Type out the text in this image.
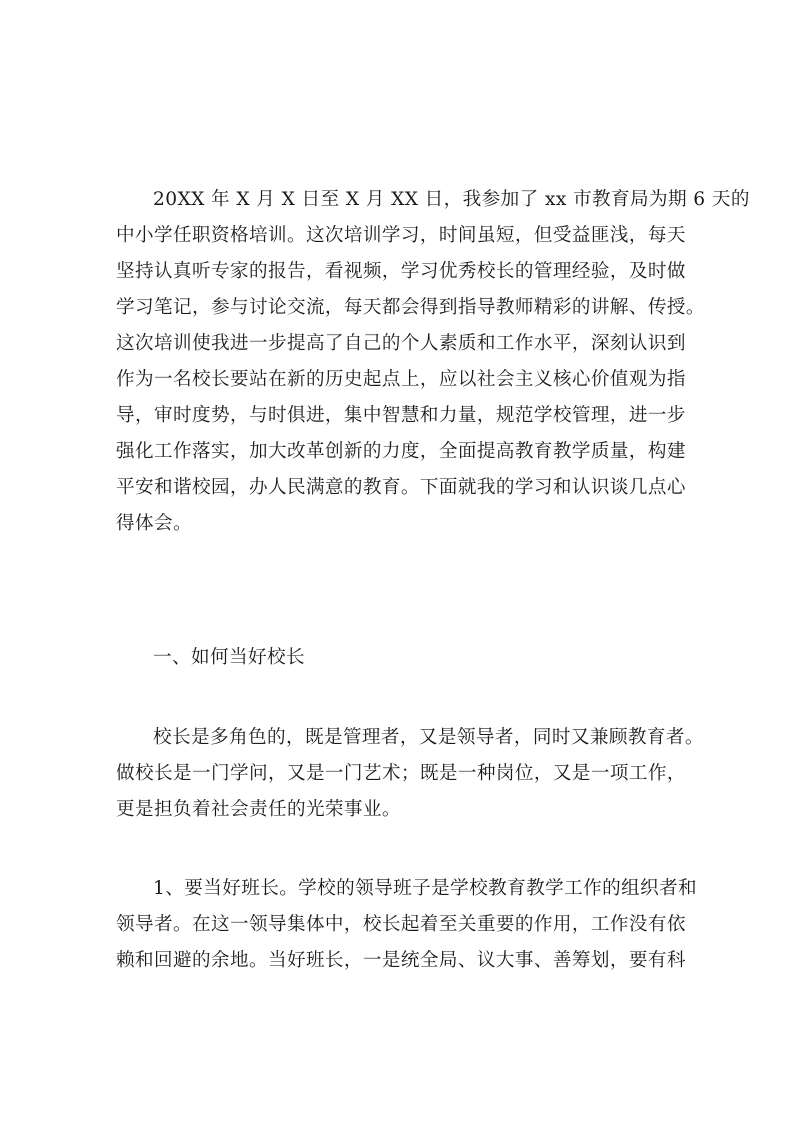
20XX 年 X 月 X 日至 X 月 XX 日，我参加了 xx 市教育局为期 6 天的
中小学任职资格培训。这次培训学习，时间虽短，但受益匪浅，每天
坚持认真听专家的报告，看视频，学习优秀校长的管理经验，及时做
学习笔记，参与讨论交流，每天都会得到指导教师精彩的讲解、传授。
这次培训使我进一步提高了自己的个人素质和工作水平，深刻认识到
作为一名校长要站在新的历史起点上，应以社会主义核心价值观为指
导，审时度势，与时俱进，集中智慧和力量，规范学校管理，进一步
强化工作落实，加大改革创新的力度，全面提高教育教学质量，构建
平安和谐校园，办人民满意的教育。下面就我的学习和认识谈几点心
得体会。
一、如何当好校长
校长是多角色的，既是管理者，又是领导者，同时又兼顾教育者。
做校长是一门学问，又是一门艺术；既是一种岗位，又是一项工作，
更是担负着社会责任的光荣事业。
1、要当好班长。学校的领导班子是学校教育教学工作的组织者和
领导者。在这一领导集体中，校长起着至关重要的作用，工作没有依
赖和回避的余地。当好班长，一是统全局、议大事、善筹划，要有科
